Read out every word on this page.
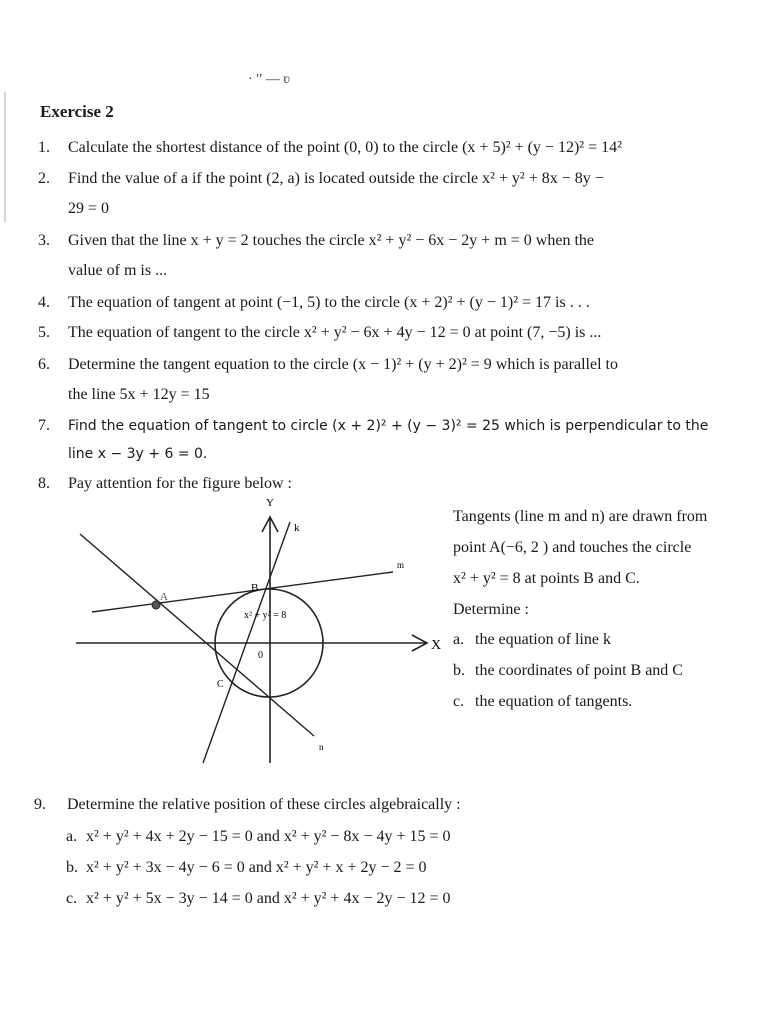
· ′′ — ʋ
Exercise 2
1. Calculate the shortest distance of the point (0, 0) to the circle (x + 5)² + (y − 12)² = 14²
2. Find the value of a if the point (2, a) is located outside the circle x² + y² + 8x − 8y −
29 = 0
3. Given that the line x + y = 2 touches the circle x² + y² − 6x − 2y + m = 0 when the
value of m is ...
4. The equation of tangent at point (−1, 5) to the circle (x + 2)² + (y − 1)² = 17 is . . .
5. The equation of tangent to the circle x² + y² − 6x + 4y − 12 = 0 at point (7, −5) is ...
6. Determine the tangent equation to the circle (x − 1)² + (y + 2)² = 9 which is parallel to
the line 5x + 12y = 15
7. Find the equation of tangent to circle (x + 2)² + (y − 3)² = 25 which is perpendicular to the
line x − 3y + 6 = 0.
8. Pay attention for the figure below :
Y
X
0
x² + y² = 8
A
B
C
k
m
n
Tangents (line m and n) are drawn from
point A(−6, 2 ) and touches the circle
x² + y² = 8 at points B and C.
Determine :
a. the equation of line k
b. the coordinates of point B and C
c. the equation of tangents.
9. Determine the relative position of these circles algebraically :
a. x² + y² + 4x + 2y − 15 = 0 and x² + y² − 8x − 4y + 15 = 0
b. x² + y² + 3x − 4y − 6 = 0 and x² + y² + x + 2y − 2 = 0
c. x² + y² + 5x − 3y − 14 = 0 and x² + y² + 4x − 2y − 12 = 0
